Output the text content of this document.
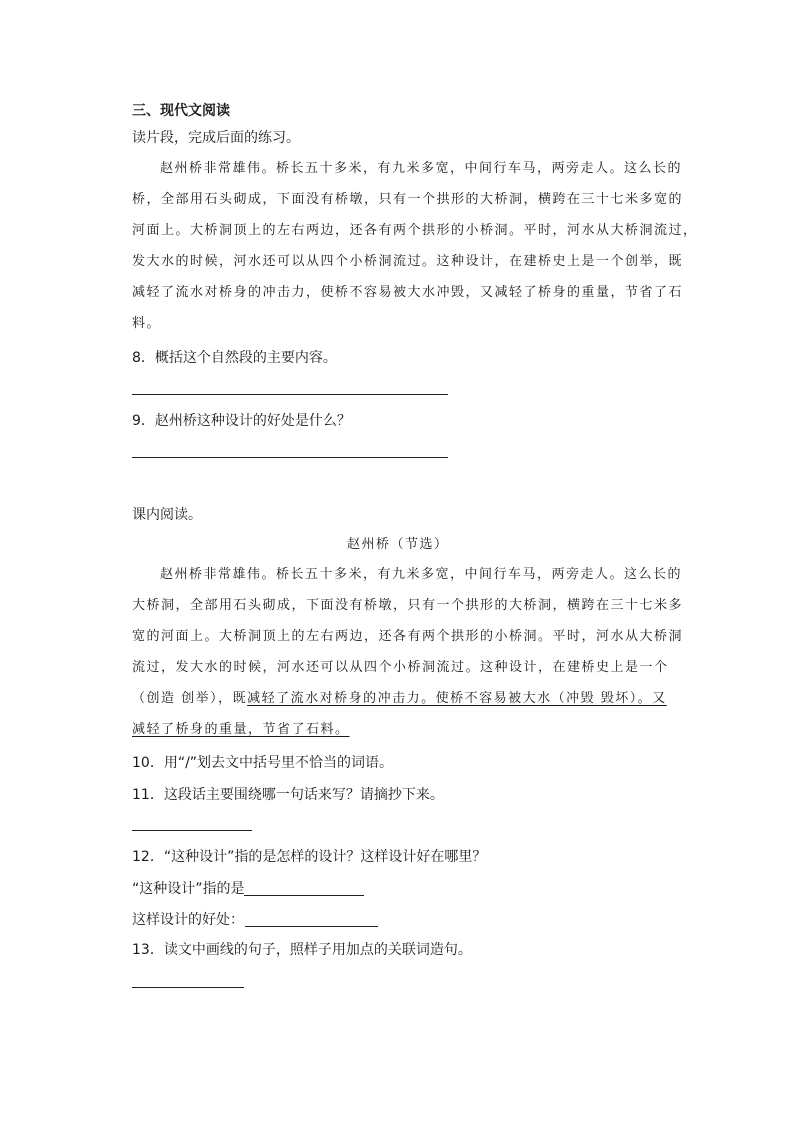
三、现代文阅读
读片段，完成后面的练习。
赵州桥非常雄伟。桥长五十多米，有九米多宽，中间行车马，两旁走人。这么长的
桥，全部用石头砌成，下面没有桥墩，只有一个拱形的大桥洞，横跨在三十七米多宽的
河面上。大桥洞顶上的左右两边，还各有两个拱形的小桥洞。平时，河水从大桥洞流过，
发大水的时候，河水还可以从四个小桥洞流过。这种设计，在建桥史上是一个创举，既
减轻了流水对桥身的冲击力，使桥不容易被大水冲毁，又减轻了桥身的重量，节省了石
料。
8．概括这个自然段的主要内容。
9．赵州桥这种设计的好处是什么？
课内阅读。
赵州桥（节选）
赵州桥非常雄伟。桥长五十多米，有九米多宽，中间行车马，两旁走人。这么长的
大桥洞，全部用石头砌成，下面没有桥墩，只有一个拱形的大桥洞，横跨在三十七米多
宽的河面上。大桥洞顶上的左右两边，还各有两个拱形的小桥洞。平时，河水从大桥洞
流过，发大水的时候，河水还可以从四个小桥洞流过。这种设计，在建桥史上是一个
（创造 创举），既减轻了流水对桥身的冲击力。使桥不容易被大水（冲毁 毁坏）。又
减轻了桥身的重量，节省了石料。
10．用“/”划去文中括号里不恰当的词语。
11．这段话主要围绕哪一句话来写？请摘抄下来。
12．“这种设计”指的是怎样的设计？这样设计好在哪里？
“这种设计”指的是
这样设计的好处：
13．读文中画线的句子，照样子用加点的关联词造句。
